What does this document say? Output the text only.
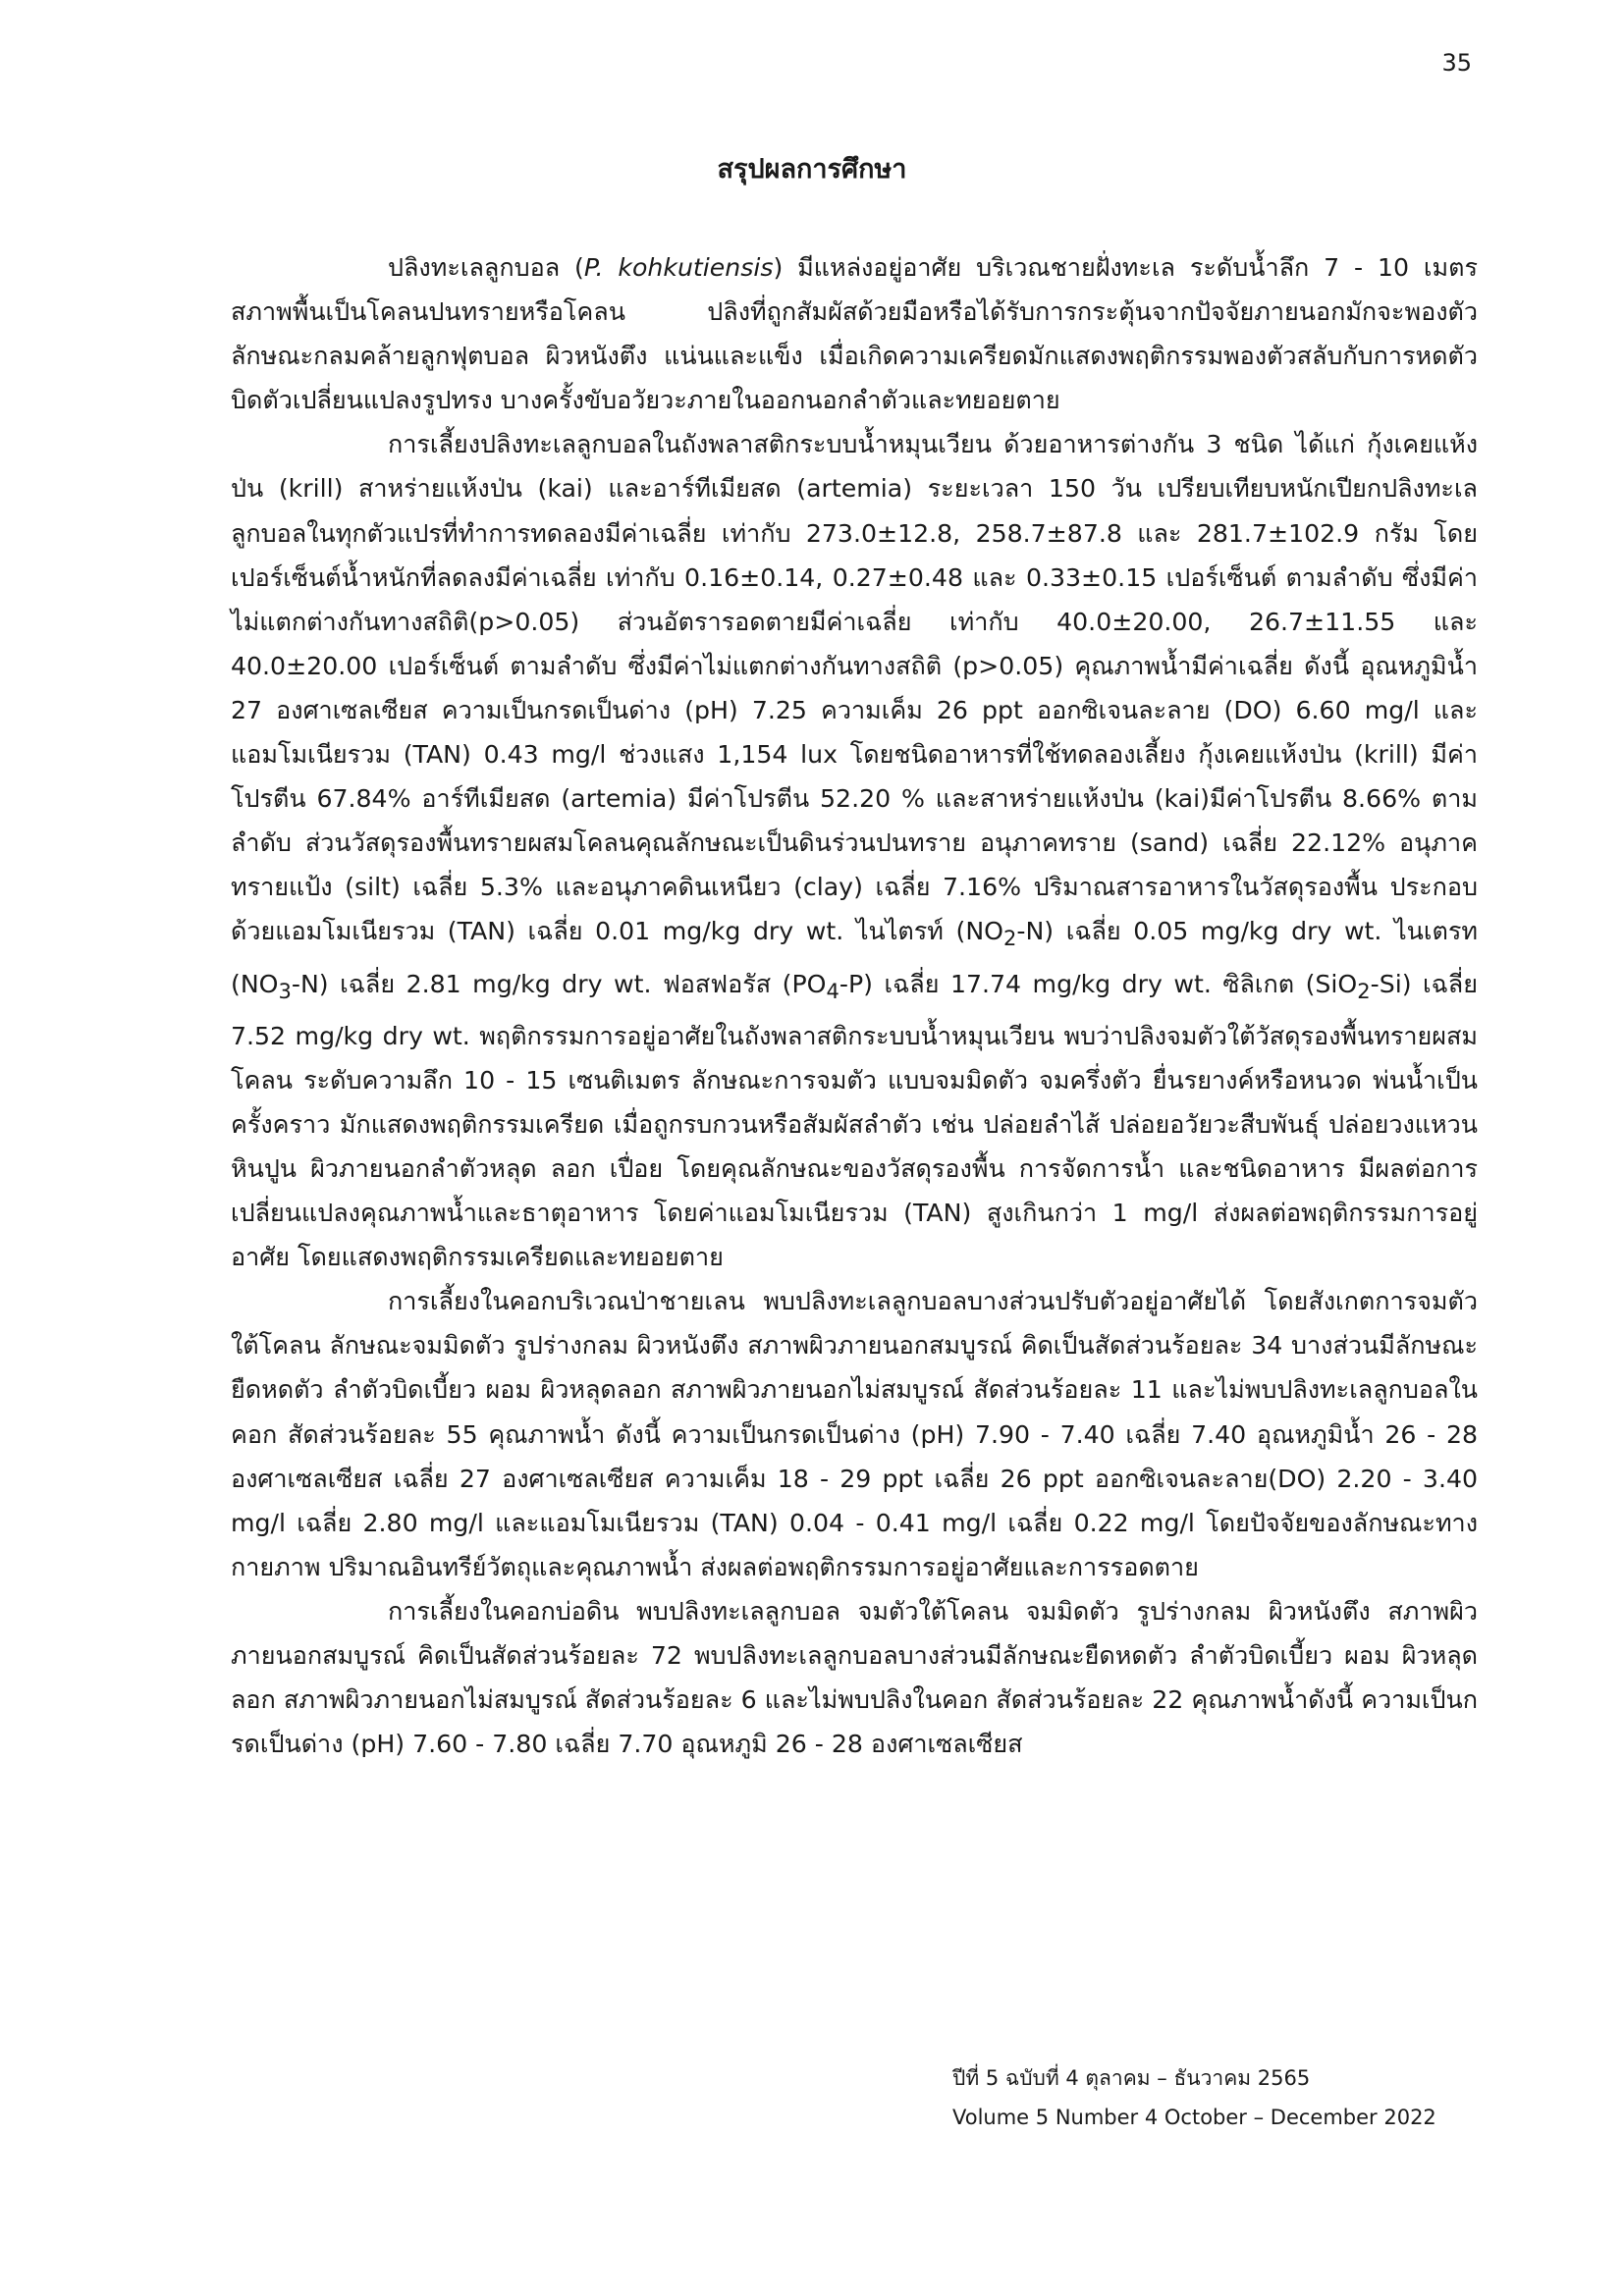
35
สรุปผลการศึกษา

ปลิงทะเลลูกบอล (P. kohkutiensis) มีแหล่งอยู่อาศัย บริเวณชายฝั่งทะเล ระดับน้ำลึก 7 - 10 เมตร สภาพพื้นเป็นโคลนปนทรายหรือโคลน ปลิงที่ถูกสัมผัสด้วยมือหรือได้รับการกระตุ้นจากปัจจัยภายนอกมักจะพองตัวลักษณะกลมคล้ายลูกฟุตบอล ผิวหนังตึง แน่นและแข็ง เมื่อเกิดความเครียดมักแสดงพฤติกรรมพองตัวสลับกับการหดตัว บิดตัวเปลี่ยนแปลงรูปทรง บางครั้งขับอวัยวะภายในออกนอกลำตัวและทยอยตาย

การเลี้ยงปลิงทะเลลูกบอลในถังพลาสติกระบบน้ำหมุนเวียน ด้วยอาหารต่างกัน 3 ชนิด ได้แก่ กุ้งเคยแห้งป่น (krill) สาหร่ายแห้งป่น (kai) และอาร์ทีเมียสด (artemia) ระยะเวลา 150 วัน เปรียบเทียบหนักเปียกปลิงทะเลลูกบอลในทุกตัวแปรที่ทำการทดลองมีค่าเฉลี่ย เท่ากับ 273.0±12.8, 258.7±87.8 และ 281.7±102.9 กรัม โดยเปอร์เซ็นต์น้ำหนักที่ลดลงมีค่าเฉลี่ย เท่ากับ 0.16±0.14, 0.27±0.48 และ 0.33±0.15 เปอร์เซ็นต์ ตามลำดับ ซึ่งมีค่าไม่แตกต่างกันทางสถิติ(p>0.05) ส่วนอัตรารอดตายมีค่าเฉลี่ย เท่ากับ 40.0±20.00, 26.7±11.55 และ 40.0±20.00 เปอร์เซ็นต์ ตามลำดับ ซึ่งมีค่าไม่แตกต่างกันทางสถิติ (p>0.05) คุณภาพน้ำมีค่าเฉลี่ย ดังนี้ อุณหภูมิน้ำ 27 องศาเซลเซียส ความเป็นกรดเป็นด่าง (pH) 7.25 ความเค็ม 26 ppt ออกซิเจนละลาย (DO) 6.60 mg/l และแอมโมเนียรวม (TAN) 0.43 mg/l ช่วงแสง 1,154 lux โดยชนิดอาหารที่ใช้ทดลองเลี้ยง กุ้งเคยแห้งป่น (krill) มีค่าโปรตีน 67.84% อาร์ทีเมียสด (artemia) มีค่าโปรตีน 52.20 % และสาหร่ายแห้งป่น (kai)มีค่าโปรตีน 8.66% ตามลำดับ ส่วนวัสดุรองพื้นทรายผสมโคลนคุณลักษณะเป็นดินร่วนปนทราย อนุภาคทราย (sand) เฉลี่ย 22.12% อนุภาคทรายแป้ง (silt) เฉลี่ย 5.3% และอนุภาคดินเหนียว (clay) เฉลี่ย 7.16% ปริมาณสารอาหารในวัสดุรองพื้น ประกอบด้วยแอมโมเนียรวม (TAN) เฉลี่ย 0.01 mg/kg dry wt. ไนไตรท์ $(NO_2-N)$ เฉลี่ย 0.05 mg/kg dry wt. ไนเตรท $(NO_3-N)$ เฉลี่ย 2.81 mg/kg dry wt. ฟอสฟอรัส $(PO_4-P)$ เฉลี่ย 17.74 mg/kg dry wt. ซิลิเกต (SiO$_2$-Si) เฉลี่ย 7.52 mg/kg dry wt. พฤติกรรมการอยู่อาศัยในถังพลาสติกระบบน้ำหมุนเวียน พบว่าปลิงจมตัวใต้วัสดุรองพื้นทรายผสมโคลน ระดับความลึก 10 - 15 เซนติเมตร ลักษณะการจมตัว แบบจมมิดตัว จมครึ่งตัว ยื่นรยางค์หรือหนวด พ่นน้ำเป็นครั้งคราว มักแสดงพฤติกรรมเครียด เมื่อถูกรบกวนหรือสัมผัสลำตัว เช่น ปล่อยลำไส้ ปล่อยอวัยวะสืบพันธุ์ ปล่อยวงแหวนหินปูน ผิวภายนอกลำตัวหลุด ลอก เปื่อย โดยคุณลักษณะของวัสดุรองพื้น การจัดการน้ำ และชนิดอาหาร มีผลต่อการเปลี่ยนแปลงคุณภาพน้ำและธาตุอาหาร โดยค่าแอมโมเนียรวม (TAN) สูงเกินกว่า 1 mg/l ส่งผลต่อพฤติกรรมการอยู่อาศัย โดยแสดงพฤติกรรมเครียดและทยอยตาย

การเลี้ยงในคอกบริเวณป่าชายเลน พบปลิงทะเลลูกบอลบางส่วนปรับตัวอยู่อาศัยได้ โดยสังเกตการจมตัวใต้โคลน ลักษณะจมมิดตัว รูปร่างกลม ผิวหนังตึง สภาพผิวภายนอกสมบูรณ์ คิดเป็นสัดส่วนร้อยละ 34 บางส่วนมีลักษณะยืดหดตัว ลำตัวบิดเบี้ยว ผอม ผิวหลุดลอก สภาพผิวภายนอกไม่สมบูรณ์ สัดส่วนร้อยละ 11 และไม่พบปลิงทะเลลูกบอลในคอก สัดส่วนร้อยละ 55 คุณภาพน้ำ ดังนี้ ความเป็นกรดเป็นด่าง (pH) 7.90 - 7.40 เฉลี่ย 7.40 อุณหภูมิน้ำ 26 - 28 องศาเซลเซียส เฉลี่ย 27 องศาเซลเซียส ความเค็ม 18 - 29 ppt เฉลี่ย 26 ppt ออกซิเจนละลาย(DO) 2.20 - 3.40 mg/l เฉลี่ย 2.80 mg/l และแอมโมเนียรวม (TAN) 0.04 - 0.41 mg/l เฉลี่ย 0.22 mg/l โดยปัจจัยของลักษณะทางกายภาพ ปริมาณอินทรีย์วัตถุและคุณภาพน้ำ ส่งผลต่อพฤติกรรมการอยู่อาศัยและการรอดตาย

การเลี้ยงในคอกบ่อดิน พบปลิงทะเลลูกบอล จมตัวใต้โคลน จมมิดตัว รูปร่างกลม ผิวหนังตึง สภาพผิวภายนอกสมบูรณ์ คิดเป็นสัดส่วนร้อยละ 72 พบปลิงทะเลลูกบอลบางส่วนมีลักษณะยืดหดตัว ลำตัวบิดเบี้ยว ผอม ผิวหลุดลอก สภาพผิวภายนอกไม่สมบูรณ์ สัดส่วนร้อยละ 6 และไม่พบปลิงในคอก สัดส่วนร้อยละ 22 คุณภาพน้ำดังนี้ ความเป็นกรดเป็นด่าง (pH) 7.60 - 7.80 เฉลี่ย 7.70 อุณหภูมิ 26 - 28 องศาเซลเซียส

ปีที่ 5 ฉบับที่ 4 ตุลาคม – ธันวาคม 2565
Volume 5 Number 4 October – December 2022
